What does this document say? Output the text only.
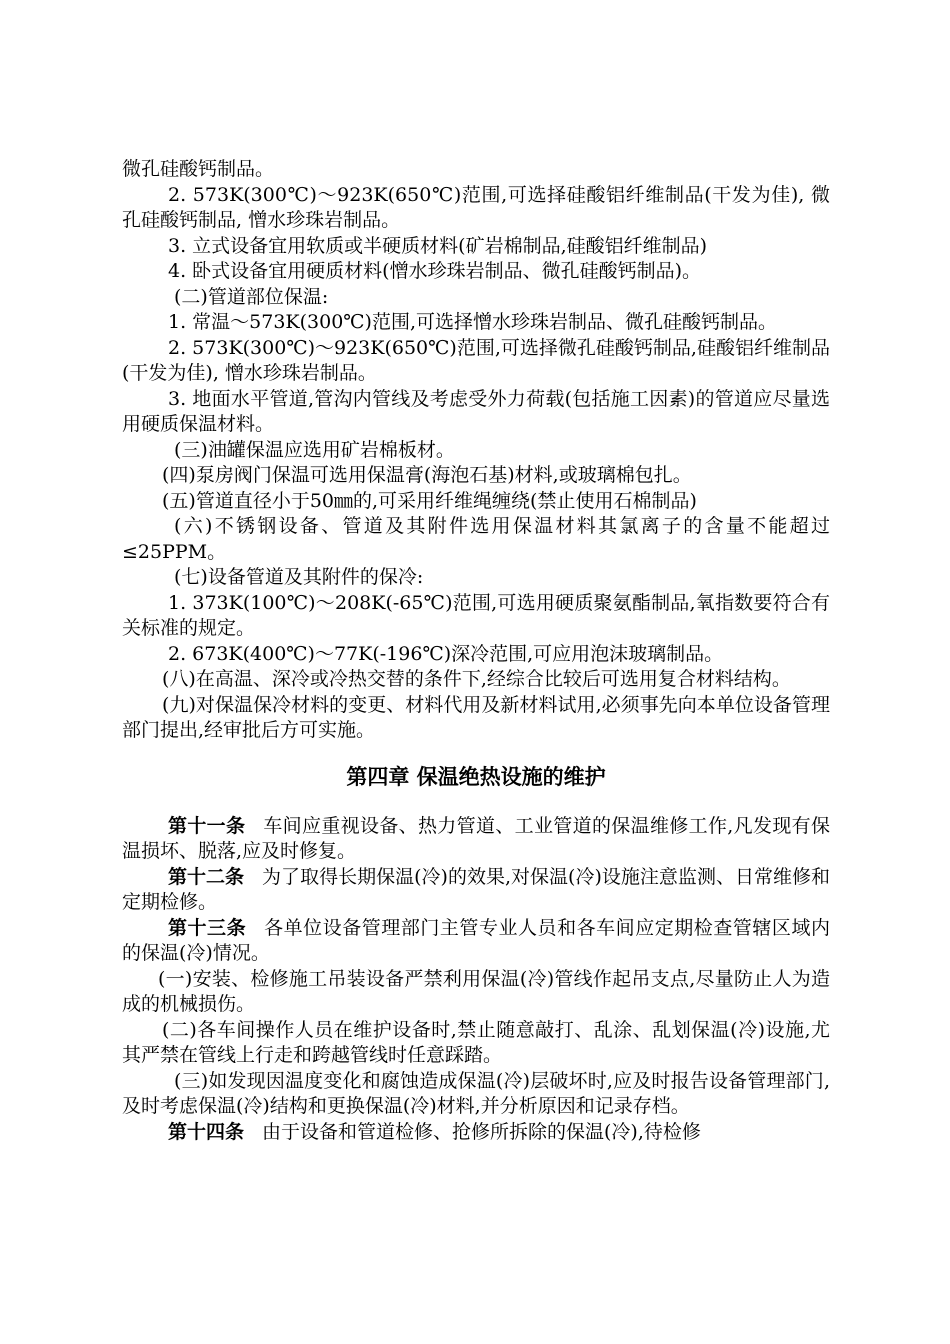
微孔硅酸钙制品。

2. 573K(300℃)～923K(650℃)范围,可选择硅酸铝纤维制品(干发为佳), 微孔硅酸钙制品, 憎水珍珠岩制品。

3. 立式设备宜用软质或半硬质材料(矿岩棉制品,硅酸铝纤维制品)

4. 卧式设备宜用硬质材料(憎水珍珠岩制品、微孔硅酸钙制品)。

(二)管道部位保温:

1. 常温～573K(300℃)范围,可选择憎水珍珠岩制品、微孔硅酸钙制品。

2. 573K(300℃)～923K(650℃)范围,可选择微孔硅酸钙制品,硅酸铝纤维制品(干发为佳), 憎水珍珠岩制品。

3. 地面水平管道,管沟内管线及考虑受外力荷载(包括施工因素)的管道应尽量选用硬质保温材料。

(三)油罐保温应选用矿岩棉板材。

(四)泵房阀门保温可选用保温膏(海泡石基)材料,或玻璃棉包扎。

(五)管道直径小于50㎜的,可采用纤维绳缠绕(禁止使用石棉制品)

(六)不锈钢设备、管道及其附件选用保温材料其氯离子的含量不能超过≤25PPM。

(七)设备管道及其附件的保冷:

1. 373K(100℃)～208K(-65℃)范围,可选用硬质聚氨酯制品,氧指数要符合有关标准的规定。

2. 673K(400℃)～77K(-196℃)深冷范围,可应用泡沫玻璃制品。

(八)在高温、深冷或冷热交替的条件下,经综合比较后可选用复合材料结构。

(九)对保温保冷材料的变更、材料代用及新材料试用,必须事先向本单位设备管理部门提出,经审批后方可实施。

第四章 保温绝热设施的维护

第十一条 车间应重视设备、热力管道、工业管道的保温维修工作,凡发现有保温损坏、脱落,应及时修复。

第十二条 为了取得长期保温(冷)的效果,对保温(冷)设施注意监测、日常维修和定期检修。

第十三条 各单位设备管理部门主管专业人员和各车间应定期检查管辖区域内的保温(冷)情况。

(一)安装、检修施工吊装设备严禁利用保温(冷)管线作起吊支点,尽量防止人为造成的机械损伤。

(二)各车间操作人员在维护设备时,禁止随意敲打、乱涂、乱划保温(冷)设施,尤其严禁在管线上行走和跨越管线时任意踩踏。

(三)如发现因温度变化和腐蚀造成保温(冷)层破坏时,应及时报告设备管理部门,及时考虑保温(冷)结构和更换保温(冷)材料,并分析原因和记录存档。

第十四条 由于设备和管道检修、抢修所拆除的保温(冷),待检修
